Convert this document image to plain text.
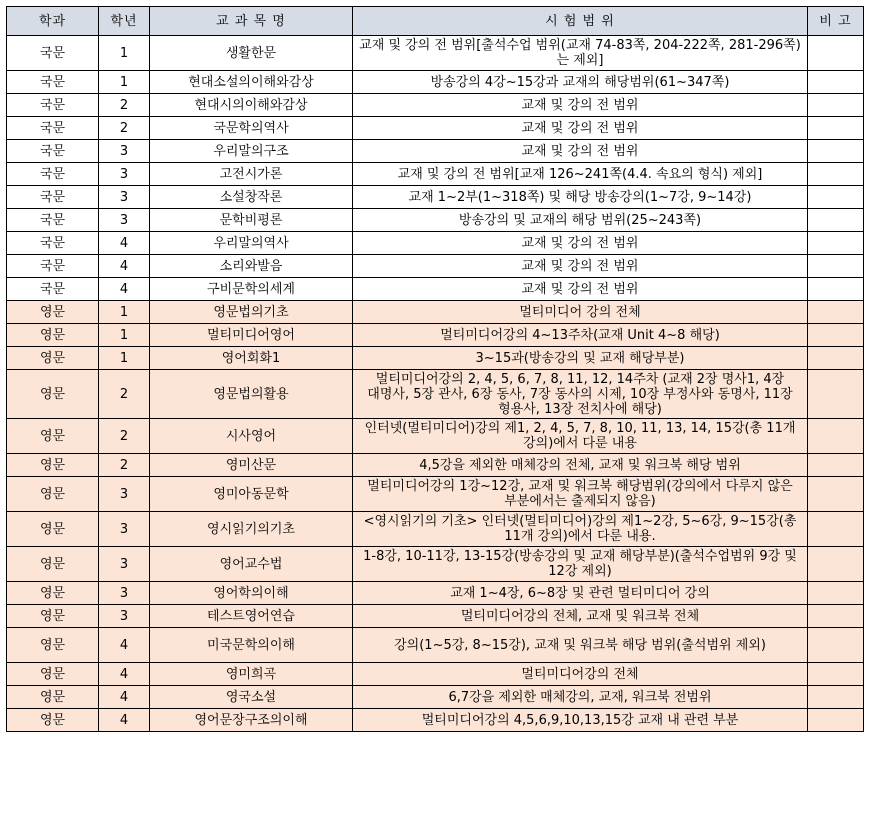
학과	학년	교 과 목 명	시 험 범 위	비 고
국문	1	생활한문	교재 및 강의 전 범위[출석수업 범위(교재 74-83쪽, 204-222쪽, 281-296쪽)는 제외]	
국문	1	현대소설의이해와감상	방송강의 4강~15강과 교재의 해당범위(61~347쪽)	
국문	2	현대시의이해와감상	교재 및 강의 전 범위	
국문	2	국문학의역사	교재 및 강의 전 범위	
국문	3	우리말의구조	교재 및 강의 전 범위	
국문	3	고전시가론	교재 및 강의 전 범위[교재 126~241쪽(4.4. 속요의 형식) 제외]	
국문	3	소설창작론	교재 1~2부(1~318쪽) 및 해당 방송강의(1~7강, 9~14강)	
국문	3	문학비평론	방송강의 및 교재의 해당 범위(25~243쪽)	
국문	4	우리말의역사	교재 및 강의 전 범위	
국문	4	소리와발음	교재 및 강의 전 범위	
국문	4	구비문학의세계	교재 및 강의 전 범위	
영문	1	영문법의기초	멀티미디어 강의 전체	
영문	1	멀티미디어영어	멀티미디어강의 4~13주차(교재 Unit 4~8 해당)	
영문	1	영어회화1	3~15과(방송강의 및 교재 해당부분)	
영문	2	영문법의활용	멀티미디어강의 2, 4, 5, 6, 7, 8, 11, 12, 14주차 (교재 2장 명사1, 4장 대명사, 5장 관사, 6장 동사, 7장 동사의 시제, 10장 부정사와 동명사, 11장 형용사, 13장 전치사에 해당)	
영문	2	시사영어	인터넷(멀티미디어)강의 제1, 2, 4, 5, 7, 8, 10, 11, 13, 14, 15강(총 11개 강의)에서 다룬 내용	
영문	2	영미산문	4,5강을 제외한 매체강의 전체, 교재 및 워크북 해당 범위	
영문	3	영미아동문학	멀티미디어강의 1강~12강, 교재 및 워크북 해당범위(강의에서 다루지 않은 부분에서는 출제되지 않음)	
영문	3	영시읽기의기초	<영시읽기의 기초> 인터넷(멀티미디어)강의 제1~2강, 5~6강, 9~15강(총 11개 강의)에서 다룬 내용.	
영문	3	영어교수법	1-8강, 10-11강, 13-15강(방송강의 및 교재 해당부분)(출석수업범위 9강 및 12강 제외)	
영문	3	영어학의이해	교재 1~4장, 6~8장 및 관련 멀티미디어 강의	
영문	3	테스트영어연습	멀티미디어강의 전체, 교재 및 워크북 전체	
영문	4	미국문학의이해	강의(1~5강, 8~15강), 교재 및 워크북 해당 범위(출석범위 제외)	
영문	4	영미희곡	멀티미디어강의 전체	
영문	4	영국소설	6,7강을 제외한 매체강의, 교재, 워크북 전범위	
영문	4	영어문장구조의이해	멀티미디어강의 4,5,6,9,10,13,15강 교재 내 관련 부분	
